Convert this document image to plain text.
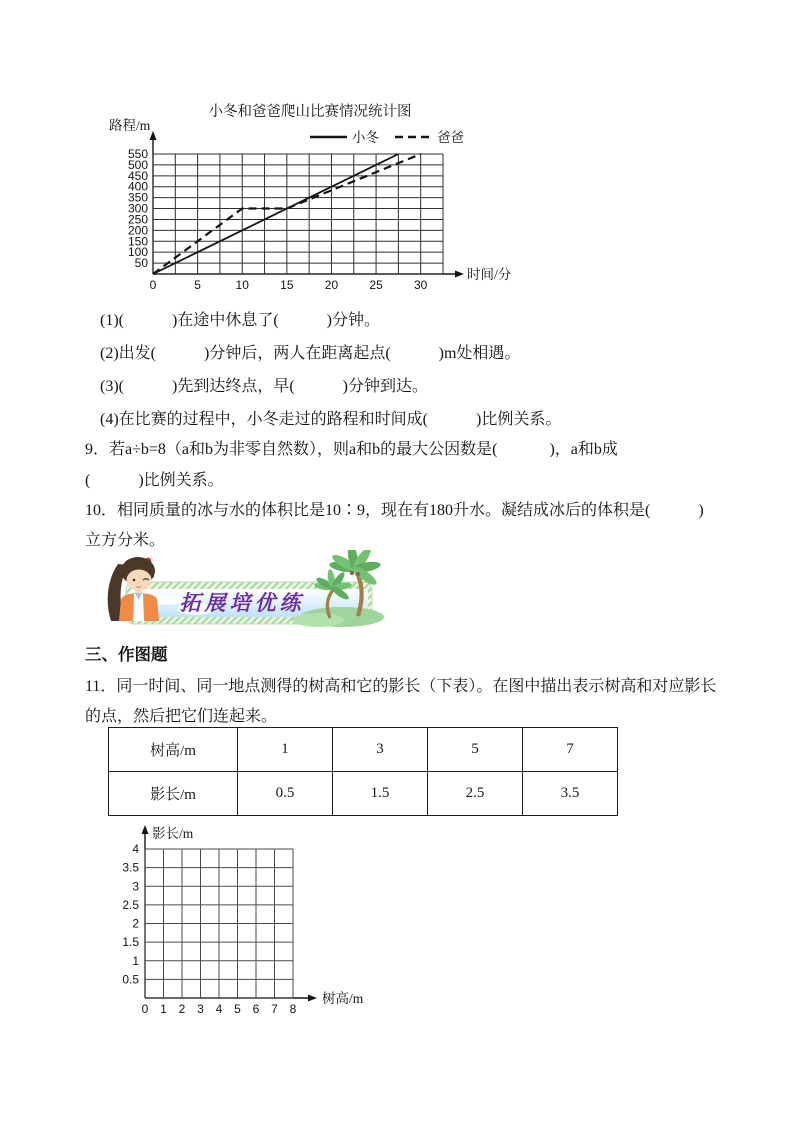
小冬和爸爸爬山比赛情况统计图
小冬	爸爸
路程/m
时间/分
550
500
450
400
350
300
250
200
150
100
50
0	5	10	15	20	25	30
(1)(            )在途中休息了(            )分钟。
(2)出发(            )分钟后，两人在距离起点(            )m处相遇。
(3)(            )先到达终点，早(            )分钟到达。
(4)在比赛的过程中，小冬走过的路程和时间成(            )比例关系。
9．若a÷b=8（a和b为非零自然数），则a和b的最大公因数是(             )，a和b成
(            )比例关系。
10．相同质量的冰与水的体积比是10∶9，现在有180升水。凝结成冰后的体积是(            )
立方分米。
拓展培优练
三、作图题
11．同一时间、同一地点测得的树高和它的影长（下表）。在图中描出表示树高和对应影长
的点，然后把它们连起来。
树高/m	1	3	5	7
影长/m	0.5	1.5	2.5	3.5
影长/m
树高/m
4
3.5
3
2.5
2
1.5
1
0.5
0 1 2 3 4 5 6 7 8
